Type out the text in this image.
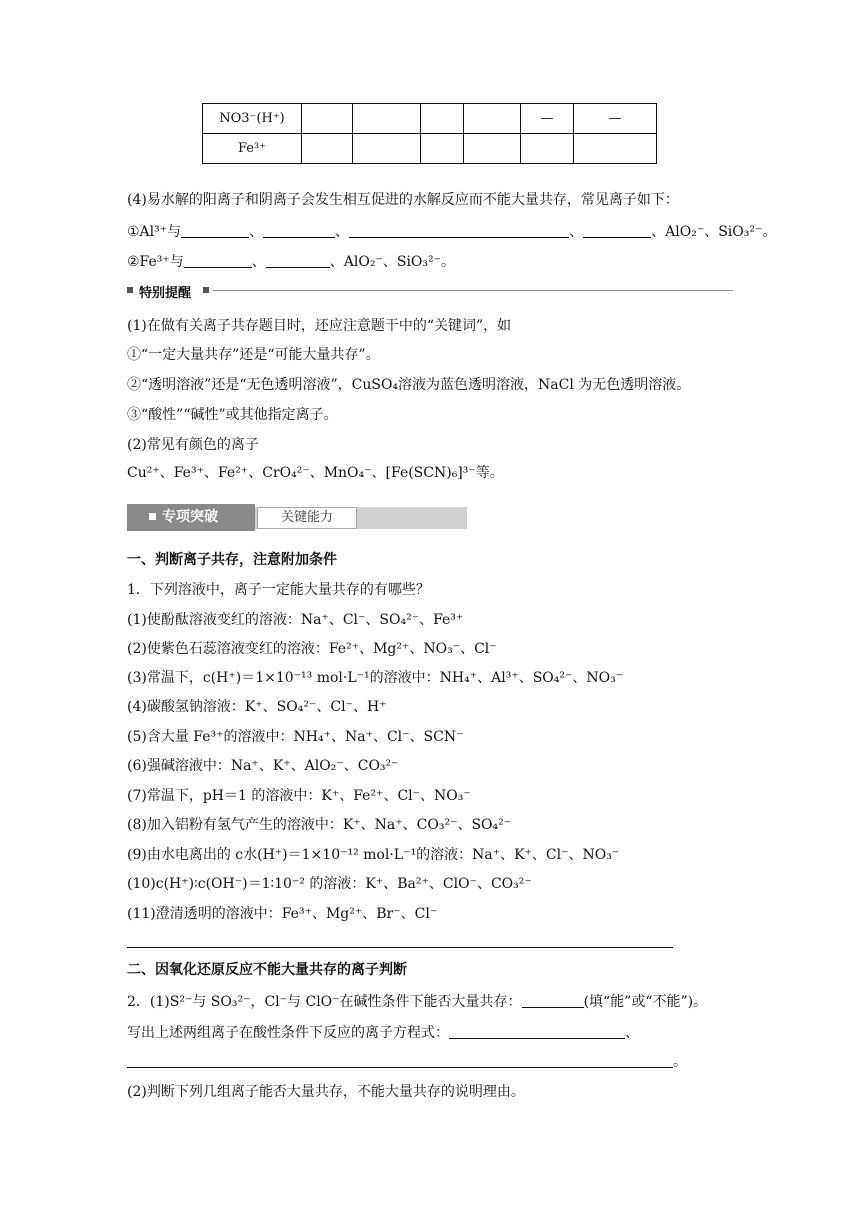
NO3⁻(H⁺)					—	—
Fe³⁺						
(4)易水解的阳离子和阴离子会发生相互促进的水解反应而不能大量共存，常见离子如下：
①Al³⁺与	、	、	、	、AlO₂⁻、SiO₃²⁻。
②Fe³⁺与	、	、AlO₂⁻、SiO₃²⁻。
特别提醒
(1)在做有关离子共存题目时，还应注意题干中的“关键词”，如
①“一定大量共存”还是“可能大量共存”。
②“透明溶液”还是“无色透明溶液”，CuSO₄溶液为蓝色透明溶液，NaCl 为无色透明溶液。
③“酸性”“碱性”或其他指定离子。
(2)常见有颜色的离子
Cu²⁺、Fe³⁺、Fe²⁺、CrO₄²⁻、MnO₄⁻、[Fe(SCN)₆]³⁻等。
专项突破	关键能力
一、判断离子共存，注意附加条件
1．下列溶液中，离子一定能大量共存的有哪些？
(1)使酚酞溶液变红的溶液：Na⁺、Cl⁻、SO₄²⁻、Fe³⁺
(2)使紫色石蕊溶液变红的溶液：Fe²⁺、Mg²⁺、NO₃⁻、Cl⁻
(3)常温下，c(H⁺)＝1×10⁻¹³ mol·L⁻¹的溶液中：NH₄⁺、Al³⁺、SO₄²⁻、NO₃⁻
(4)碳酸氢钠溶液：K⁺、SO₄²⁻、Cl⁻、H⁺
(5)含大量 Fe³⁺的溶液中：NH₄⁺、Na⁺、Cl⁻、SCN⁻
(6)强碱溶液中：Na⁺、K⁺、AlO₂⁻、CO₃²⁻
(7)常温下，pH＝1 的溶液中：K⁺、Fe²⁺、Cl⁻、NO₃⁻
(8)加入铝粉有氢气产生的溶液中：K⁺、Na⁺、CO₃²⁻、SO₄²⁻
(9)由水电离出的 c水(H⁺)＝1×10⁻¹² mol·L⁻¹的溶液：Na⁺、K⁺、Cl⁻、NO₃⁻
(10)c(H⁺)∶c(OH⁻)＝1∶10⁻² 的溶液：K⁺、Ba²⁺、ClO⁻、CO₃²⁻
(11)澄清透明的溶液中：Fe³⁺、Mg²⁺、Br⁻、Cl⁻
二、因氧化还原反应不能大量共存的离子判断
2．(1)S²⁻与 SO₃²⁻，Cl⁻与 ClO⁻在碱性条件下能否大量共存：	(填“能”或“不能”)。
写出上述两组离子在酸性条件下反应的离子方程式：	、
。
(2)判断下列几组离子能否大量共存，不能大量共存的说明理由。
